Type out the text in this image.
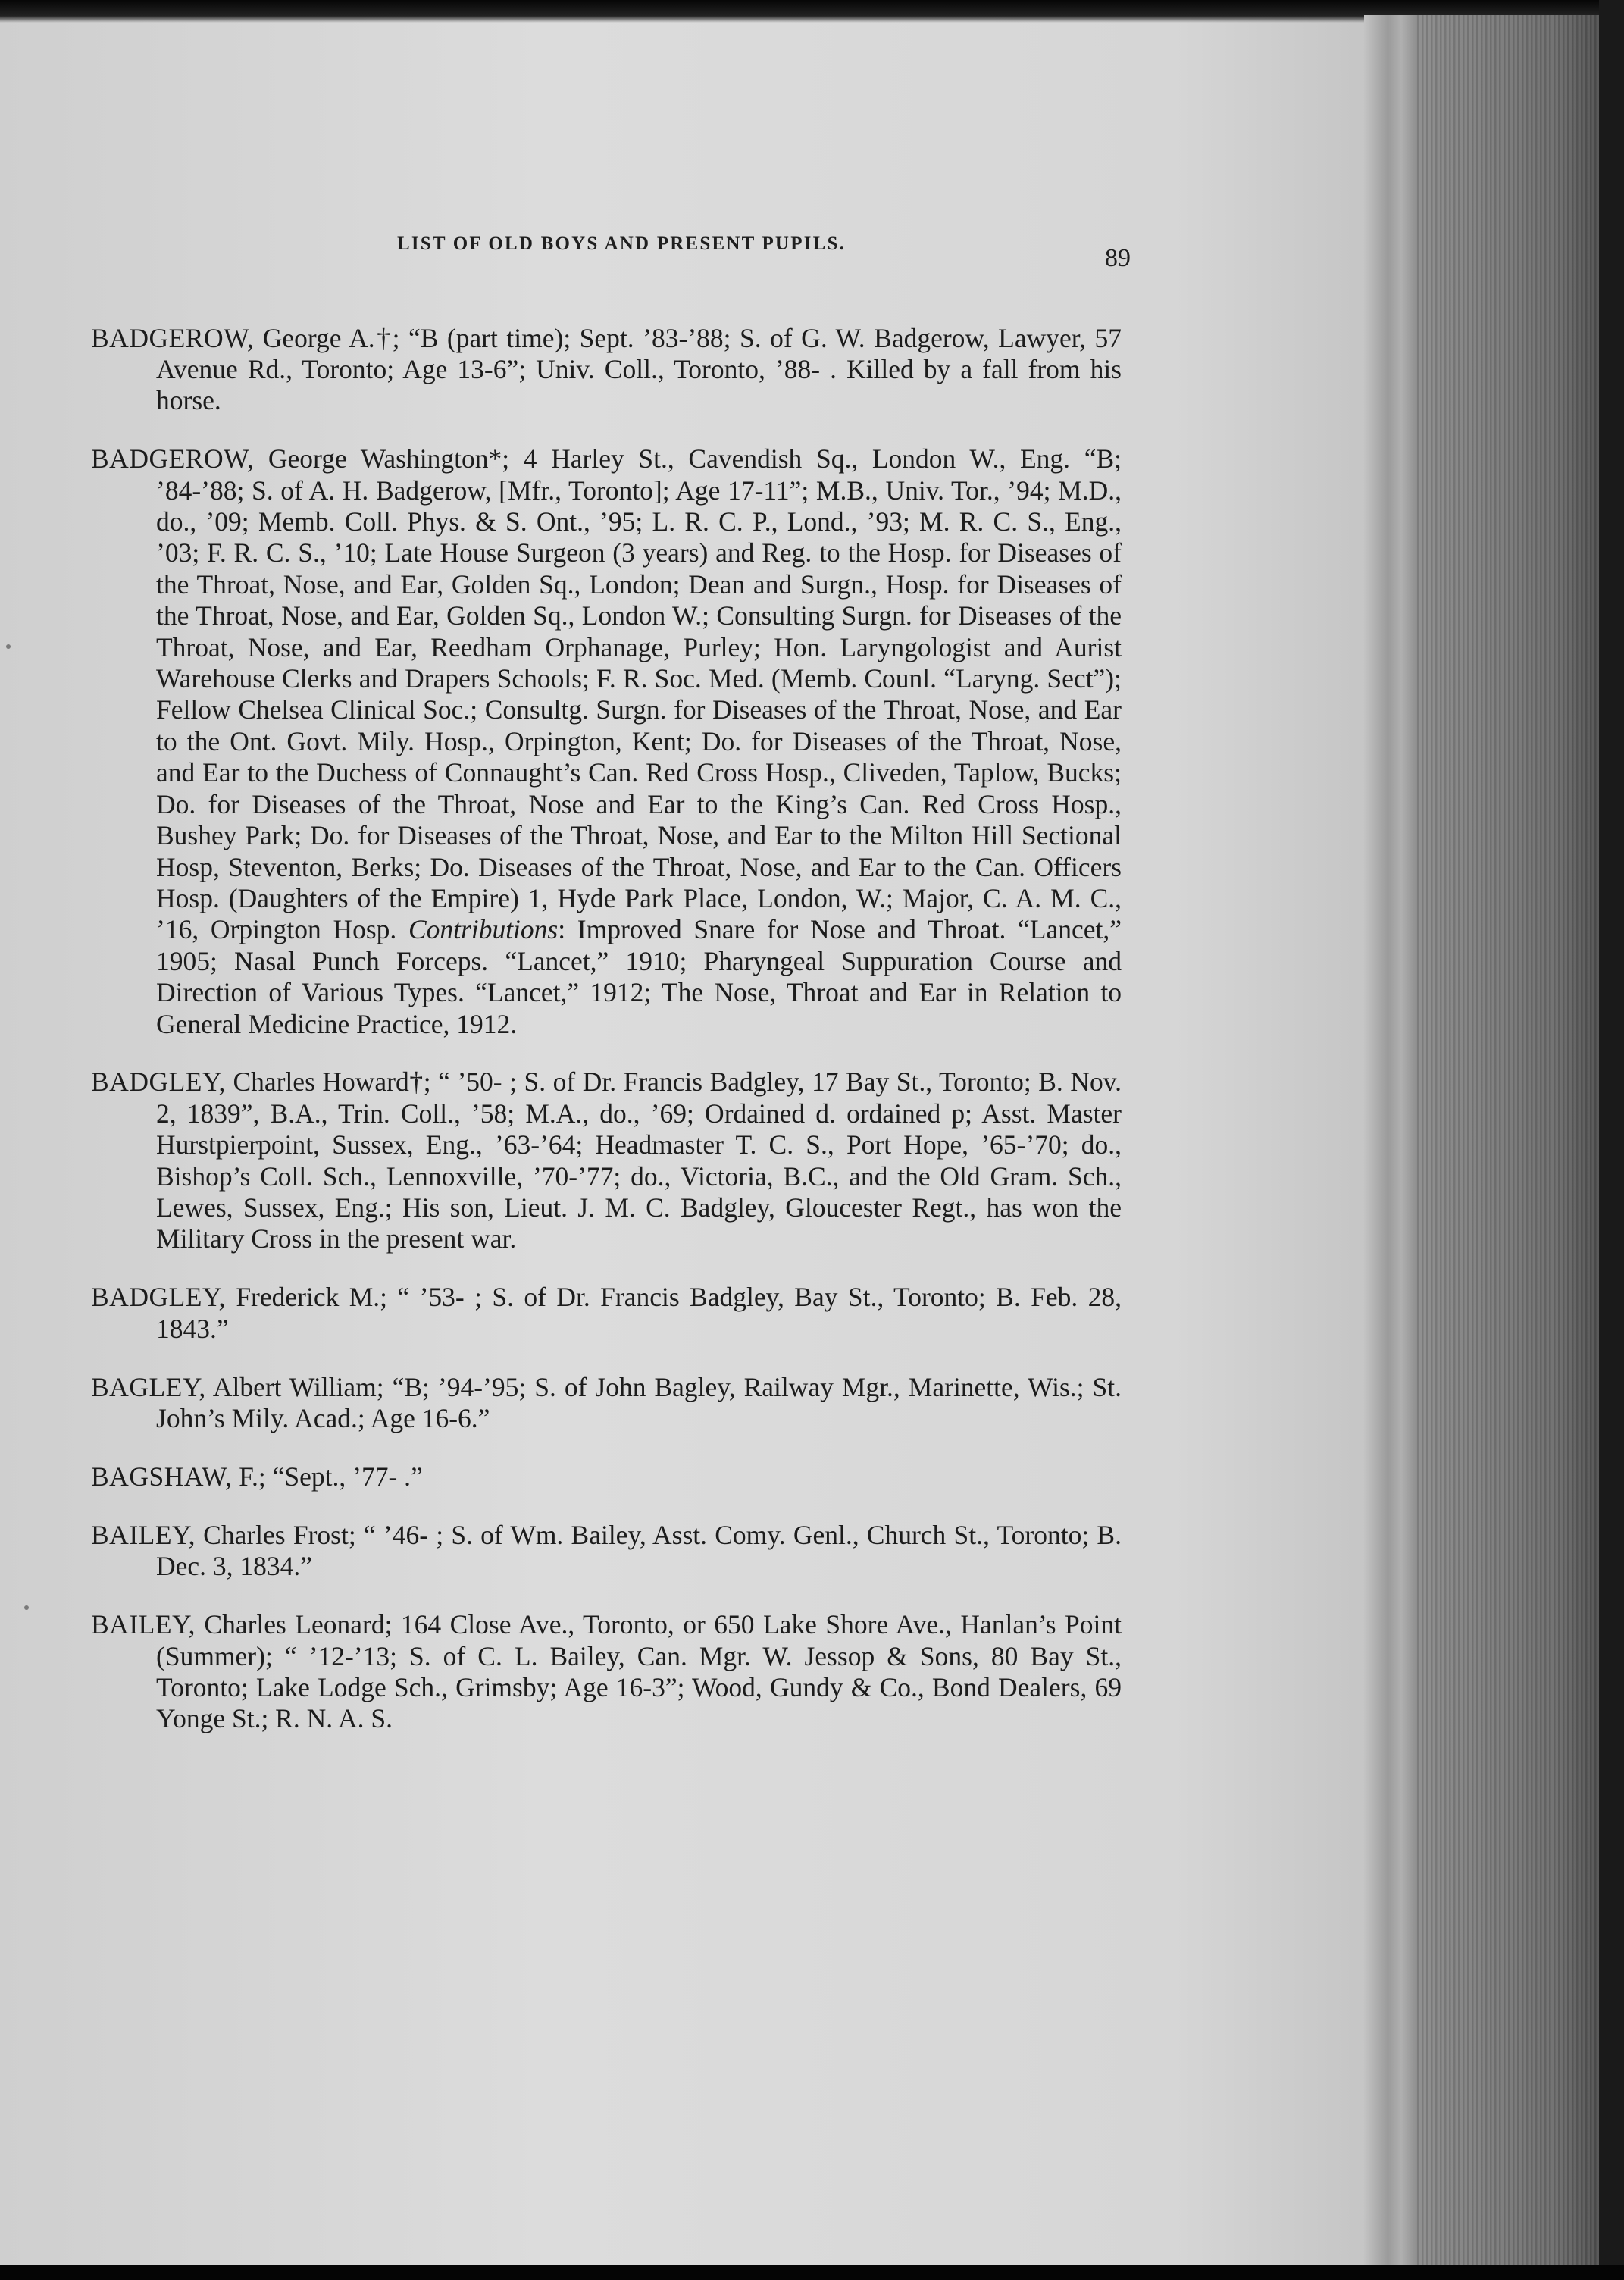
LIST OF OLD BOYS AND PRESENT PUPILS.
89

BADGEROW, George A.†; “B (part time); Sept. ’83-’88; S. of G. W. Badgerow, Lawyer, 57 Avenue Rd., Toronto; Age 13-6”; Univ. Coll., Toronto, ’88- . Killed by a fall from his horse.

BADGEROW, George Washington*; 4 Harley St., Cavendish Sq., London W., Eng. “B; ’84-’88; S. of A. H. Badgerow, [Mfr., Toronto]; Age 17-11”; M.B., Univ. Tor., ’94; M.D., do., ’09; Memb. Coll. Phys. & S. Ont., ’95; L. R. C. P., Lond., ’93; M. R. C. S., Eng., ’03; F. R. C. S., ’10; Late House Surgeon (3 years) and Reg. to the Hosp. for Diseases of the Throat, Nose, and Ear, Golden Sq., London; Dean and Surgn., Hosp. for Diseases of the Throat, Nose, and Ear, Golden Sq., London W.; Consulting Surgn. for Diseases of the Throat, Nose, and Ear, Reedham Orphanage, Purley; Hon. Laryngologist and Aurist Warehouse Clerks and Drapers Schools; F. R. Soc. Med. (Memb. Counl. “Laryng. Sect”); Fellow Chelsea Clinical Soc.; Consultg. Surgn. for Diseases of the Throat, Nose, and Ear to the Ont. Govt. Mily. Hosp., Orpington, Kent; Do. for Diseases of the Throat, Nose, and Ear to the Duchess of Connaught’s Can. Red Cross Hosp., Cliveden, Taplow, Bucks; Do. for Diseases of the Throat, Nose and Ear to the King’s Can. Red Cross Hosp., Bushey Park; Do. for Diseases of the Throat, Nose, and Ear to the Milton Hill Sectional Hosp, Steventon, Berks; Do. Diseases of the Throat, Nose, and Ear to the Can. Officers Hosp. (Daughters of the Empire) 1, Hyde Park Place, London, W.; Major, C. A. M. C., ’16, Orpington Hosp. Contributions: Improved Snare for Nose and Throat. “Lancet,” 1905; Nasal Punch Forceps. “Lancet,” 1910; Pharyngeal Suppuration Course and Direction of Various Types. “Lancet,” 1912; The Nose, Throat and Ear in Relation to General Medicine Practice, 1912.

BADGLEY, Charles Howard†; “ ’50- ; S. of Dr. Francis Badgley, 17 Bay St., Toronto; B. Nov. 2, 1839”, B.A., Trin. Coll., ’58; M.A., do., ’69; Ordained d. ordained p; Asst. Master Hurstpierpoint, Sussex, Eng., ’63-’64; Headmaster T. C. S., Port Hope, ’65-’70; do., Bishop’s Coll. Sch., Lennoxville, ’70-’77; do., Victoria, B.C., and the Old Gram. Sch., Lewes, Sussex, Eng.; His son, Lieut. J. M. C. Badgley, Gloucester Regt., has won the Military Cross in the present war.

BADGLEY, Frederick M.; “ ’53- ; S. of Dr. Francis Badgley, Bay St., Toronto; B. Feb. 28, 1843.”

BAGLEY, Albert William; “B; ’94-’95; S. of John Bagley, Railway Mgr., Marinette, Wis.; St. John’s Mily. Acad.; Age 16-6.”

BAGSHAW, F.; “Sept., ’77- .”

BAILEY, Charles Frost; “ ’46- ; S. of Wm. Bailey, Asst. Comy. Genl., Church St., Toronto; B. Dec. 3, 1834.”

BAILEY, Charles Leonard; 164 Close Ave., Toronto, or 650 Lake Shore Ave., Hanlan’s Point (Summer); “ ’12-’13; S. of C. L. Bailey, Can. Mgr. W. Jessop & Sons, 80 Bay St., Toronto; Lake Lodge Sch., Grimsby; Age 16-3”; Wood, Gundy & Co., Bond Dealers, 69 Yonge St.; R. N. A. S.
